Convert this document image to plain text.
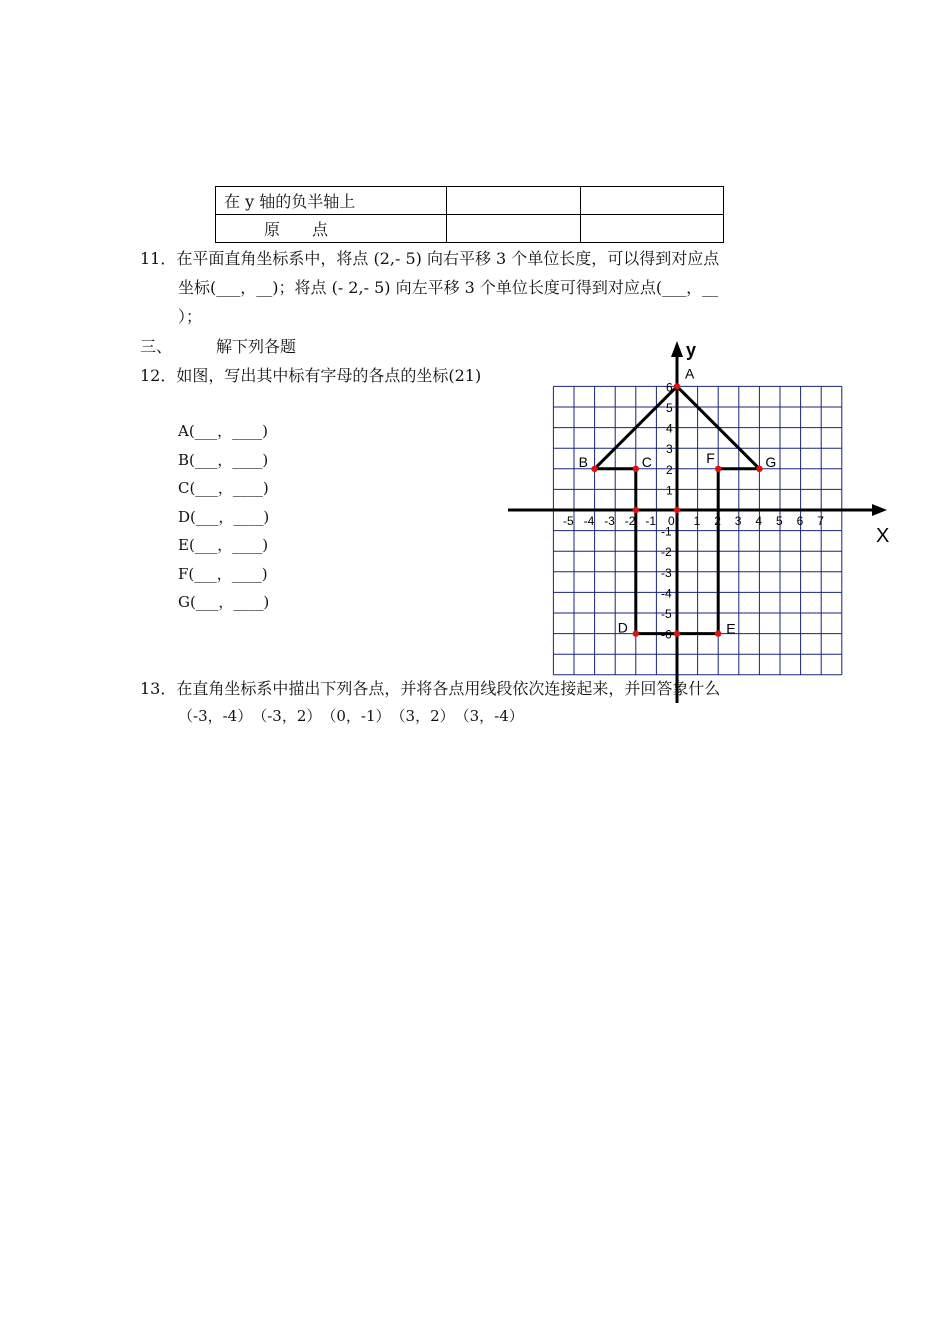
在 y 轴的负半轴上		
原　　点		
11．在平面直角坐标系中，将点 (2,- 5) 向右平移 3 个单位长度，可以得到对应点
坐标(___，__)；将点 (- 2,- 5) 向左平移 3 个单位长度可得到对应点(___，__
）；
三、	解下列各题
12．如图，写出其中标有字母的各点的坐标(21)
A(___，____)
B(___，____)
C(___，____)
D(___，____)
E(___，____)
F(___，____)
G(___，____)
X
y
-5 -4 -3 -2 -1 0 1 2 3 4 5 6 7
6
5
4
3
2
1
-1
-2
-3
-4
-5
-6
A
B	C
D	E
F	G
13．在直角坐标系中描出下列各点，并将各点用线段依次连接起来，并回答象什么
（-3，-4）　（-3，2）　（0，-1）　（3，2）　（3，-4）
